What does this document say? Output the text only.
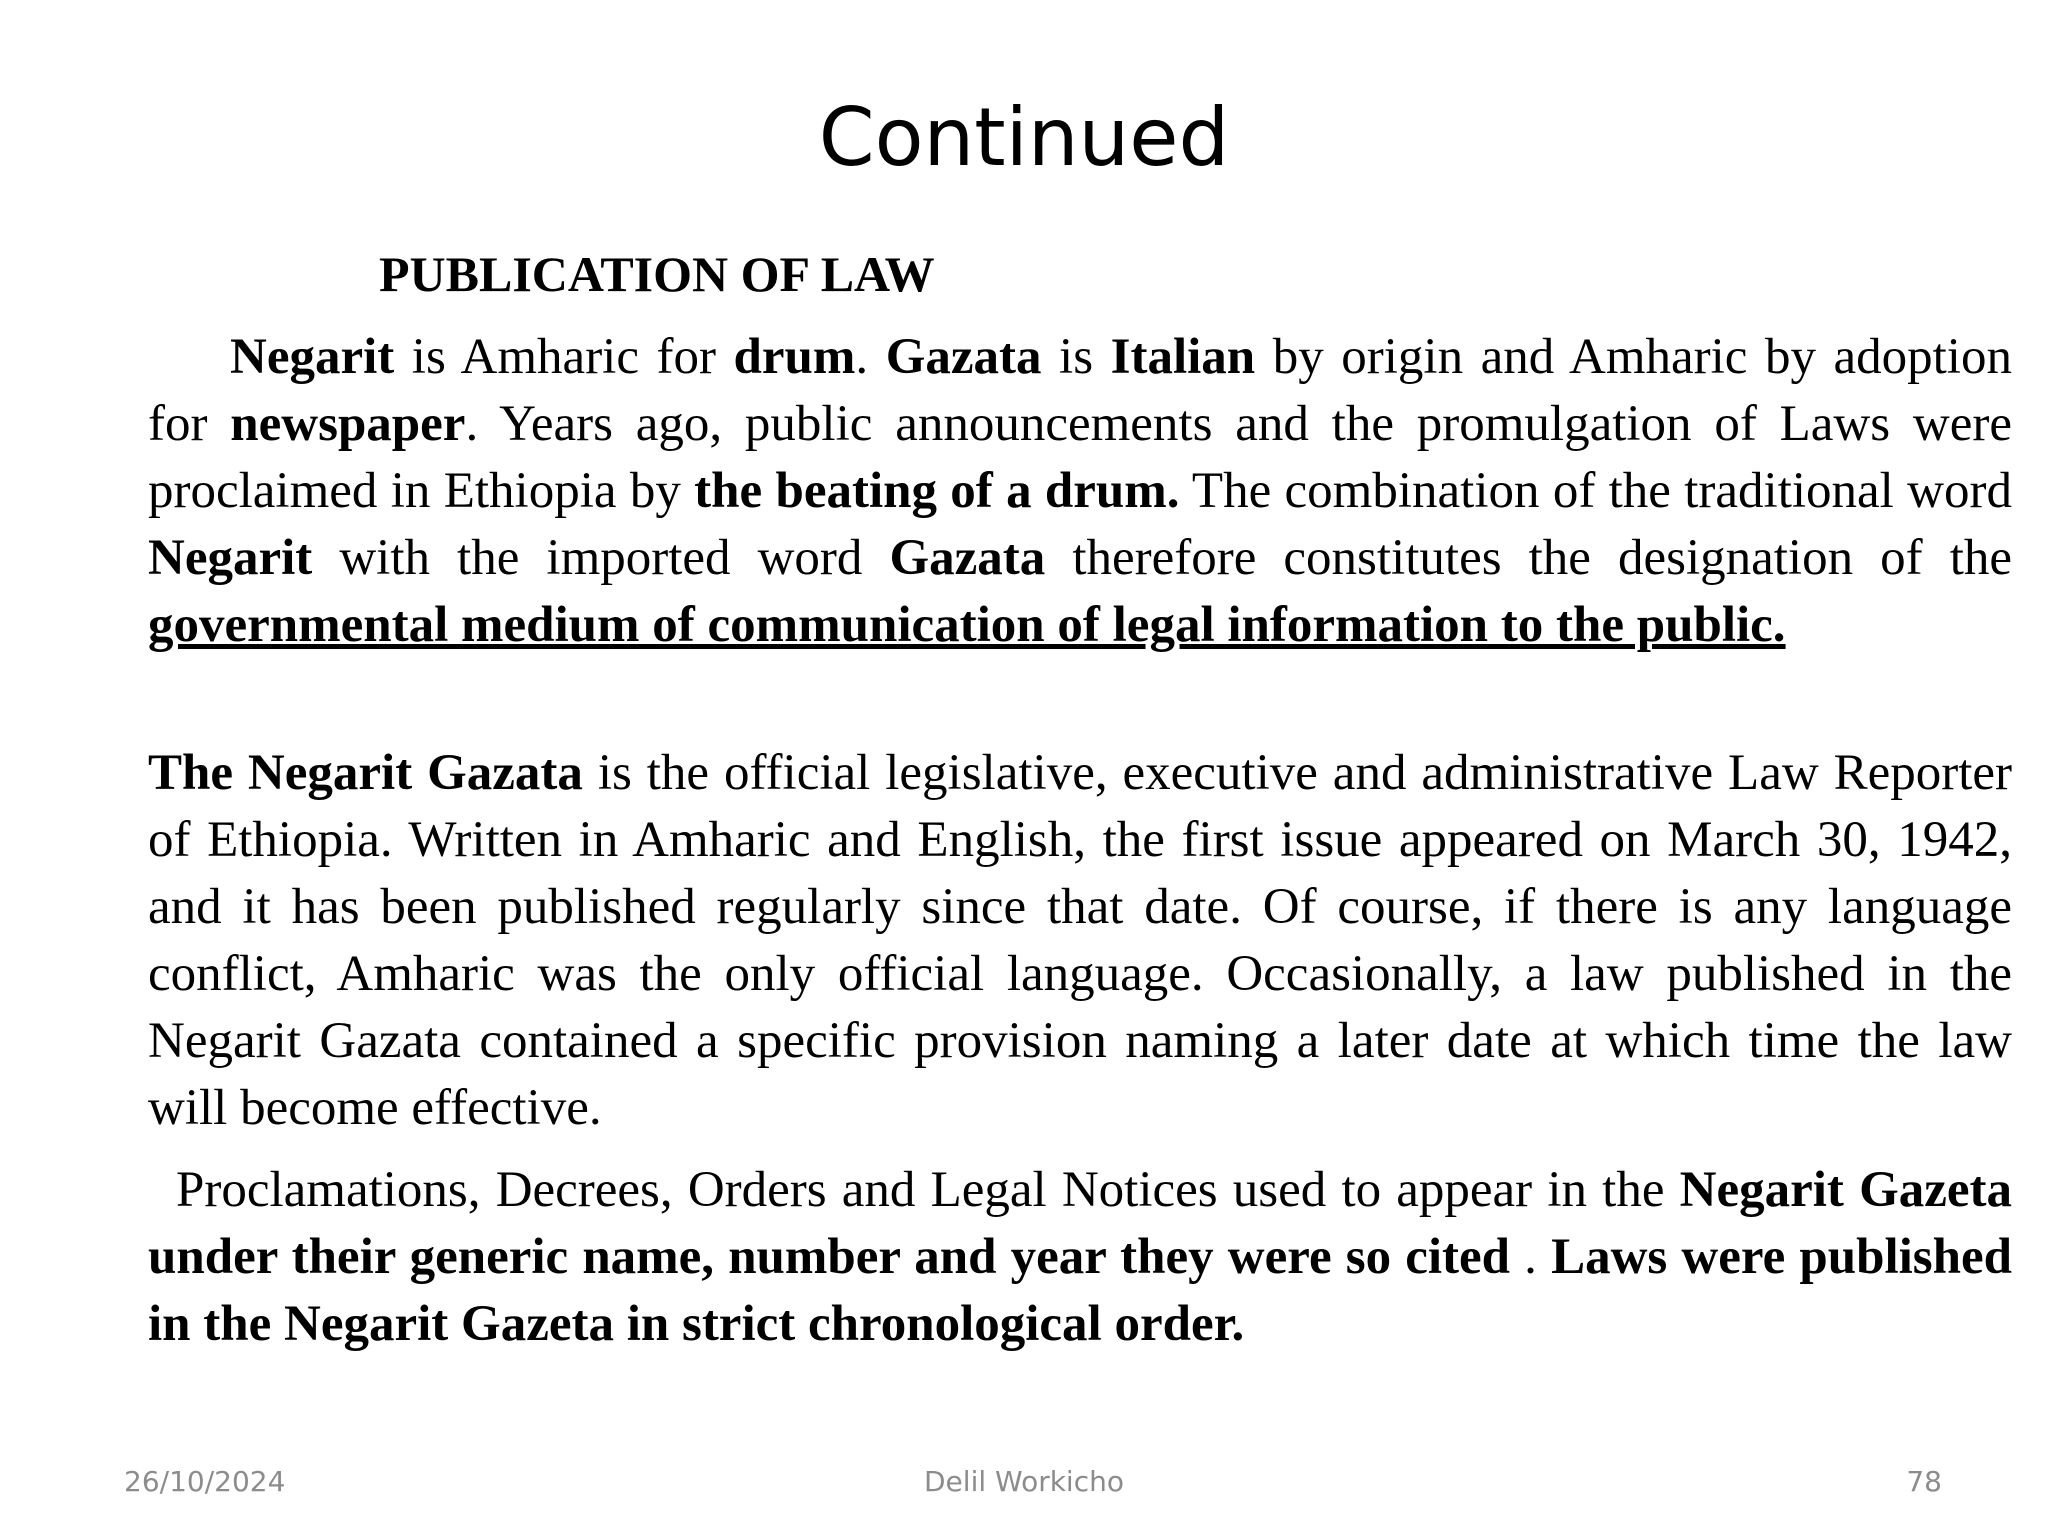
Continued
PUBLICATION OF LAW

Negarit is Amharic for drum. Gazata is Italian by origin and Amharic by adoption for newspaper. Years ago, public announcements and the promulgation of Laws were proclaimed in Ethiopia by the beating of a drum. The combination of the traditional word Negarit with the imported word Gazata therefore constitutes the designation of the governmental medium of communication of legal information to the public.

The Negarit Gazata is the official legislative, executive and administrative Law Reporter of Ethiopia. Written in Amharic and English, the first issue appeared on March 30, 1942, and it has been published regularly since that date. Of course, if there is any language conflict, Amharic was the only official language. Occasionally, a law published in the Negarit Gazata contained a specific provision naming a later date at which time the law will become effective.

Proclamations, Decrees, Orders and Legal Notices used to appear in the Negarit Gazeta under their generic name, number and year they were so cited . Laws were published in the Negarit Gazeta in strict chronological order.

26/10/2024	Delil Workicho	78
